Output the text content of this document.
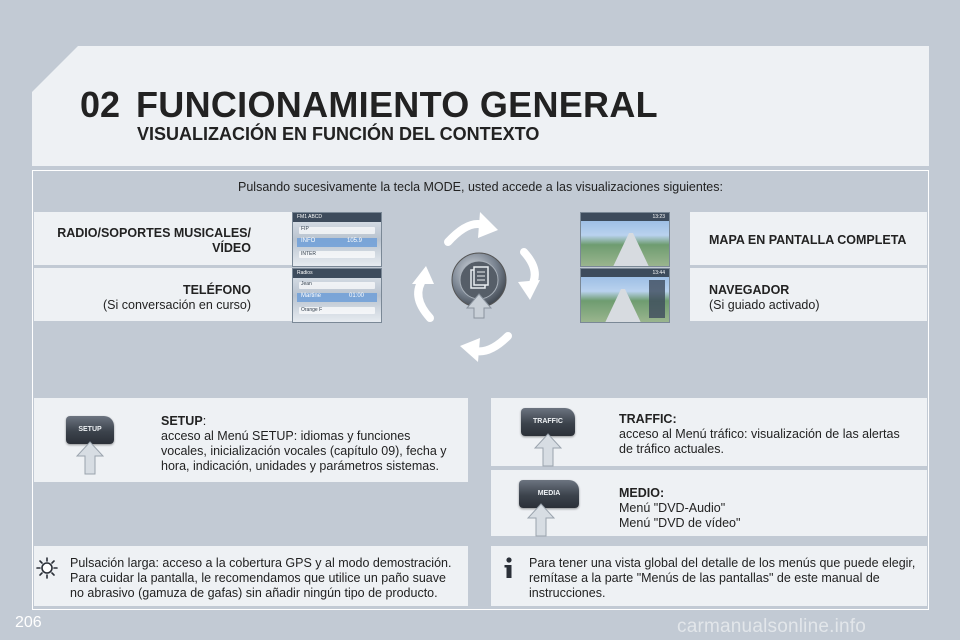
02 FUNCIONAMIENTO GENERAL
VISUALIZACIÓN EN FUNCIÓN DEL CONTEXTO
Pulsando sucesivamente la tecla MODE, usted accede a las visualizaciones siguientes:
RADIO/SOPORTES MUSICALES/
VÍDEO
TELÉFONO
(Si conversación en curso)
MAPA EN PANTALLA COMPLETA
NAVEGADOR
(Si guiado activado)
FM1 ABCD
FIP
INFO	105.9
INTER
Radios
Jean
Martine	01:00
Orange F
13:23
13:44
SETUP
SETUP:
acceso al Menú SETUP: idiomas y funciones
vocales, inicialización vocales (capítulo 09), fecha y
hora, indicación, unidades y parámetros sistemas.
TRAFFIC	TRAFFIC:
acceso al Menú tráfico: visualización de las alertas
de tráfico actuales.
MEDIA	MEDIO:
Menú "DVD-Audio"
Menú "DVD de vídeo"
Pulsación larga: acceso a la cobertura GPS y al modo demostración.
Para cuidar la pantalla, le recomendamos que utilice un paño suave
no abrasivo (gamuza de gafas) sin añadir ningún tipo de producto.
Para tener una vista global del detalle de los menús que puede elegir,
remítase a la parte "Menús de las pantallas" de este manual de
instrucciones.
206	carmanualsonline.info
